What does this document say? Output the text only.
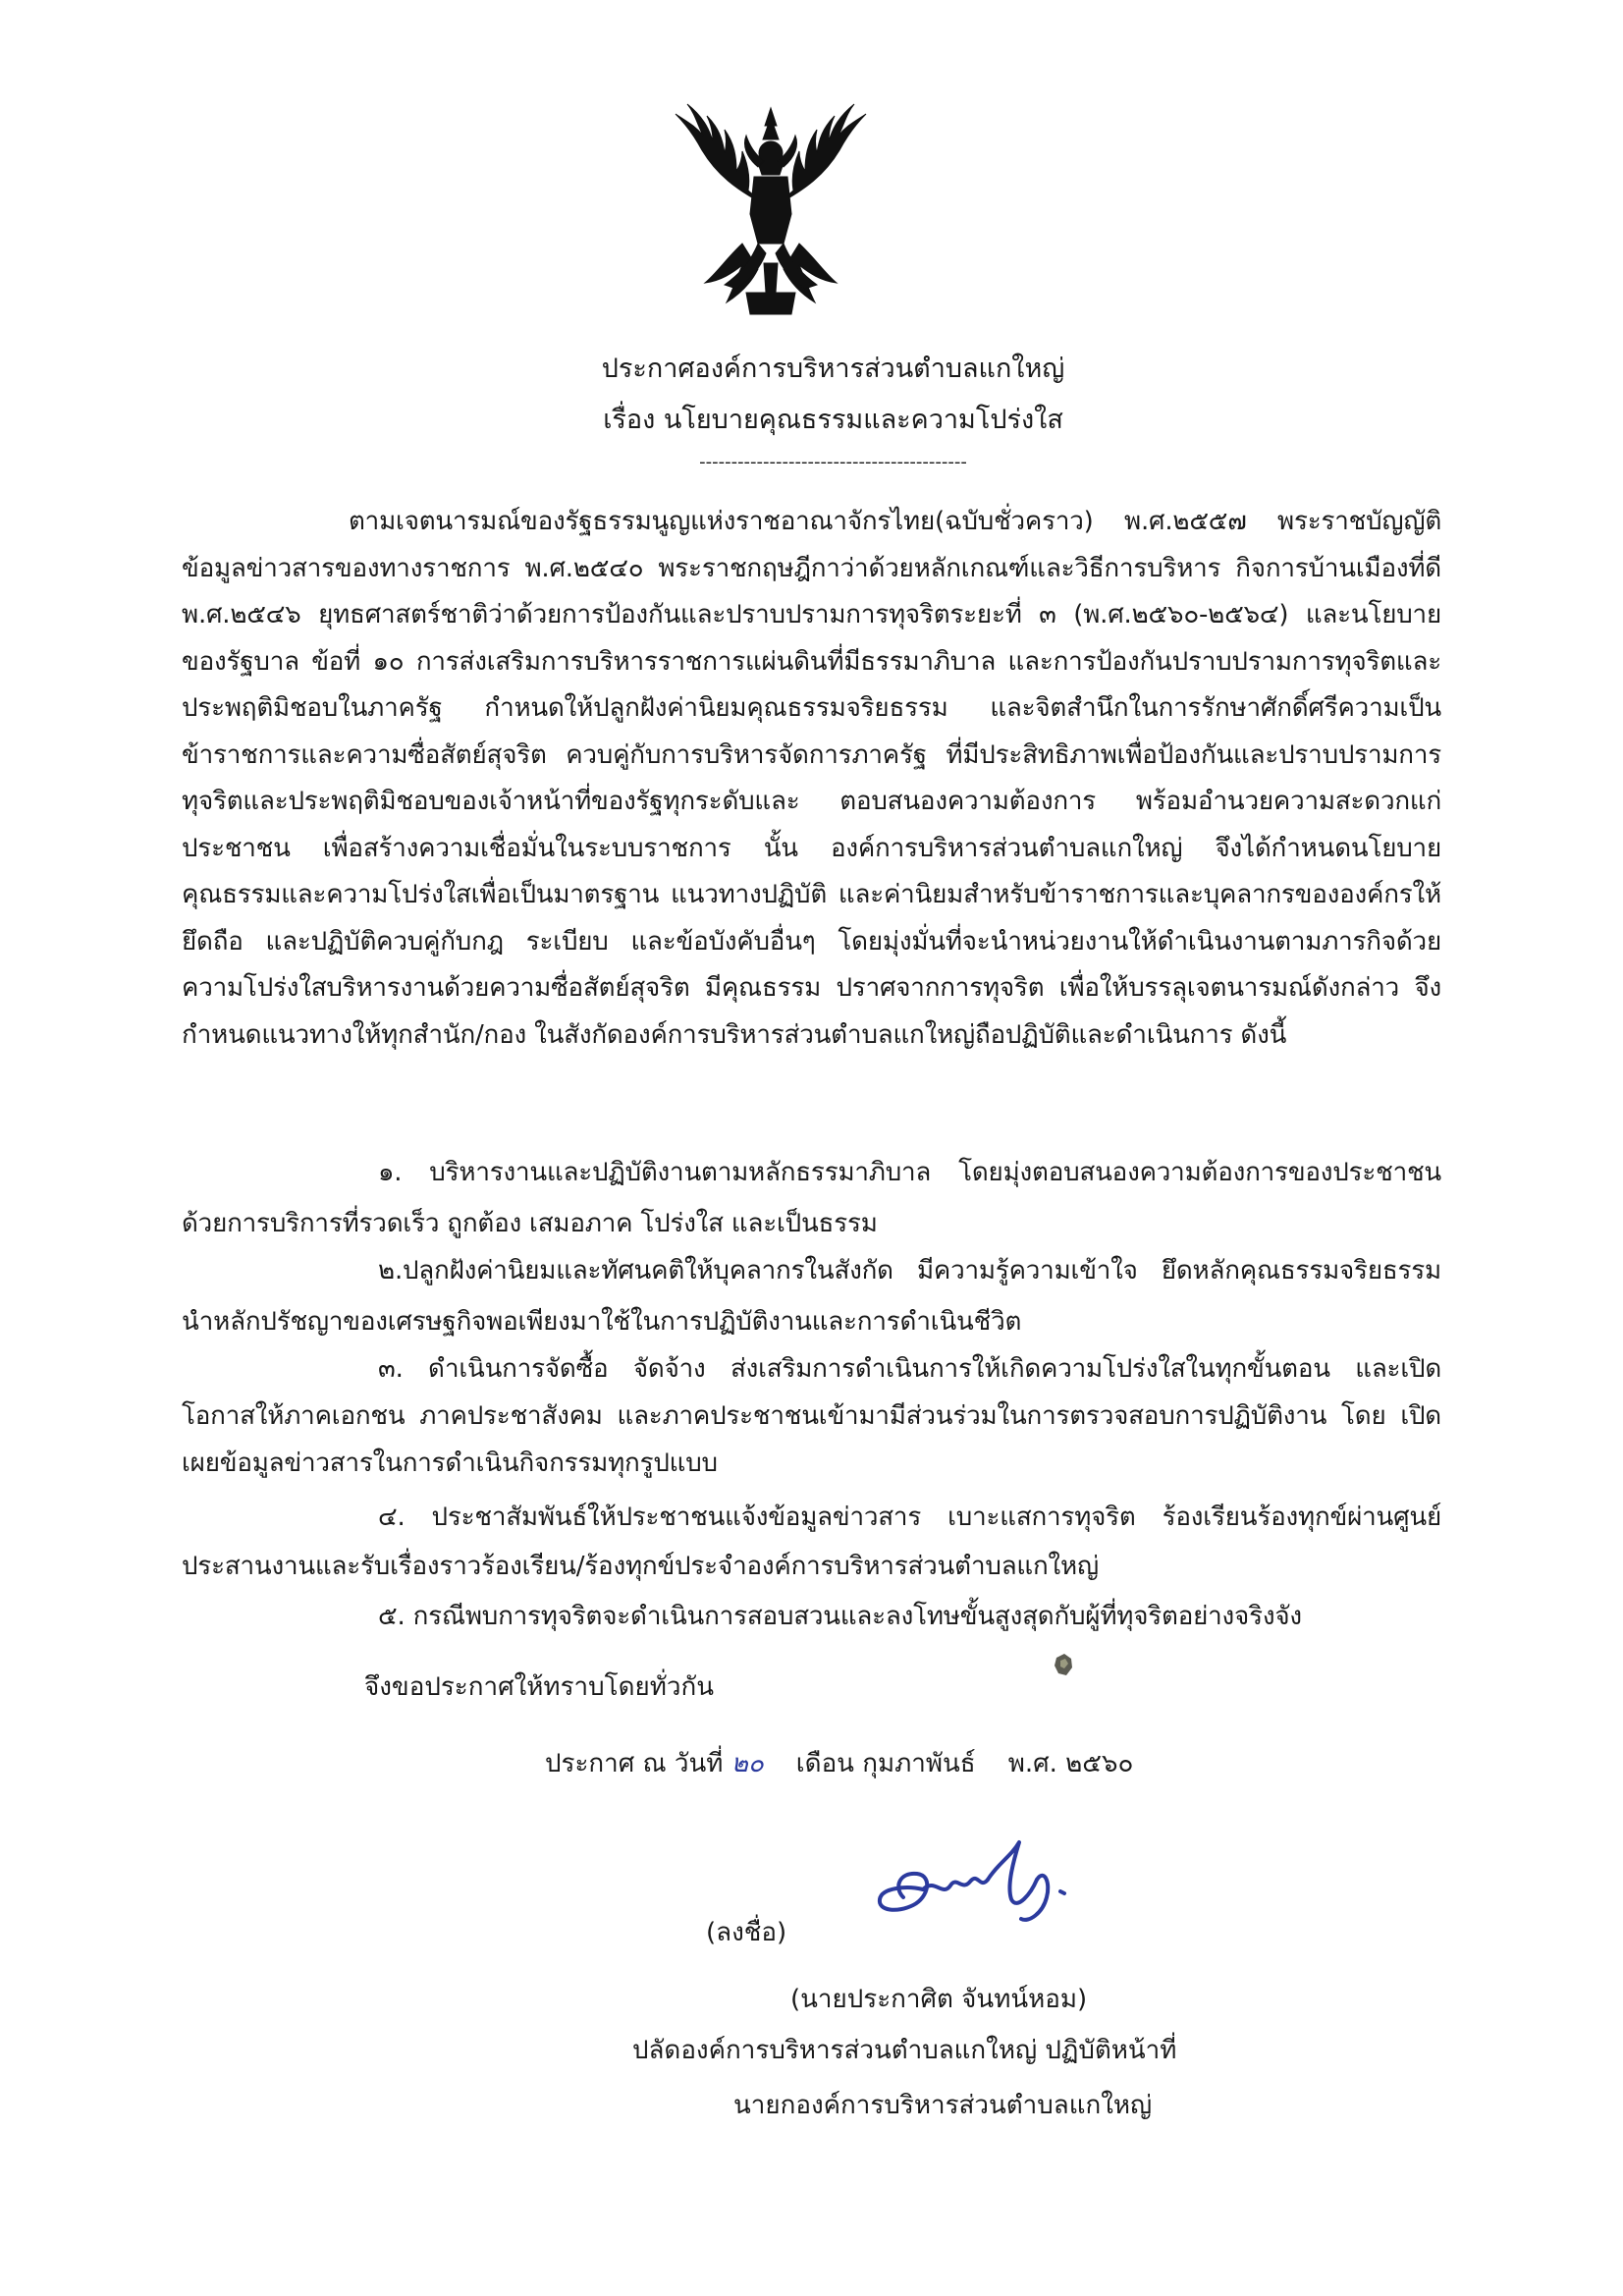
ประกาศองค์การบริหารส่วนตำบลแกใหญ่
เรื่อง นโยบายคุณธรรมและความโปร่งใส
------------------------------------------

ตามเจตนารมณ์ของรัฐธรรมนูญแห่งราชอาณาจักรไทย(ฉบับชั่วคราว) พ.ศ.๒๕๕๗ พระราชบัญญัติข้อมูลข่าวสารของทางราชการ พ.ศ.๒๕๔๐ พระราชกฤษฎีกาว่าด้วยหลักเกณฑ์และวิธีการบริหาร กิจการบ้านเมืองที่ดี พ.ศ.๒๕๔๖ ยุทธศาสตร์ชาติว่าด้วยการป้องกันและปราบปรามการทุจริตระยะที่ ๓ (พ.ศ.๒๕๖๐-๒๕๖๔) และนโยบายของรัฐบาล ข้อที่ ๑๐ การส่งเสริมการบริหารราชการแผ่นดินที่มีธรรมาภิบาล และการป้องกันปราบปรามการทุจริตและประพฤติมิชอบในภาครัฐ กำหนดให้ปลูกฝังค่านิยมคุณธรรมจริยธรรม และจิตสำนึกในการรักษาศักดิ์ศรีความเป็นข้าราชการและความซื่อสัตย์สุจริต ควบคู่กับการบริหารจัดการภาครัฐ ที่มีประสิทธิภาพเพื่อป้องกันและปราบปรามการทุจริตและประพฤติมิชอบของเจ้าหน้าที่ของรัฐทุกระดับและ ตอบสนองความต้องการ พร้อมอำนวยความสะดวกแก่ประชาชน เพื่อสร้างความเชื่อมั่นในระบบราชการ นั้น องค์การบริหารส่วนตำบลแกใหญ่ จึงได้กำหนดนโยบายคุณธรรมและความโปร่งใสเพื่อเป็นมาตรฐาน แนวทางปฏิบัติ และค่านิยมสำหรับข้าราชการและบุคลากรขององค์กรให้ยึดถือ และปฏิบัติควบคู่กับกฎ ระเบียบ และข้อบังคับอื่นๆ โดยมุ่งมั่นที่จะนำหน่วยงานให้ดำเนินงานตามภารกิจด้วยความโปร่งใสบริหารงานด้วยความซื่อสัตย์สุจริต มีคุณธรรม ปราศจากการทุจริต เพื่อให้บรรลุเจตนารมณ์ดังกล่าว จึงกำหนดแนวทางให้ทุกสำนัก/กอง ในสังกัดองค์การบริหารส่วนตำบลแกใหญ่ถือปฏิบัติและดำเนินการ ดังนี้

๑. บริหารงานและปฏิบัติงานตามหลักธรรมาภิบาล โดยมุ่งตอบสนองความต้องการของประชาชนด้วยการบริการที่รวดเร็ว ถูกต้อง เสมอภาค โปร่งใส และเป็นธรรม

๒.ปลูกฝังค่านิยมและทัศนคติให้บุคลากรในสังกัด มีความรู้ความเข้าใจ ยึดหลักคุณธรรมจริยธรรม นำหลักปรัชญาของเศรษฐกิจพอเพียงมาใช้ในการปฏิบัติงานและการดำเนินชีวิต

๓. ดำเนินการจัดซื้อ จัดจ้าง ส่งเสริมการดำเนินการให้เกิดความโปร่งใสในทุกขั้นตอน และเปิด โอกาสให้ภาคเอกชน ภาคประชาสังคม และภาคประชาชนเข้ามามีส่วนร่วมในการตรวจสอบการปฏิบัติงาน โดย เปิดเผยข้อมูลข่าวสารในการดำเนินกิจกรรมทุกรูปแบบ

๔. ประชาสัมพันธ์ให้ประชาชนแจ้งข้อมูลข่าวสาร เบาะแสการทุจริต ร้องเรียนร้องทุกข์ผ่านศูนย์ประสานงานและรับเรื่องราวร้องเรียน/ร้องทุกข์ประจำองค์การบริหารส่วนตำบลแกใหญ่

๕. กรณีพบการทุจริตจะดำเนินการสอบสวนและลงโทษขั้นสูงสุดกับผู้ที่ทุจริตอย่างจริงจัง

จึงขอประกาศให้ทราบโดยทั่วกัน
ประกาศ ณ วันที่ ๒๐ เดือน กุมภาพันธ์ พ.ศ. ๒๕๖๐
(ลงชื่อ)
(นายประกาศิต จันทน์หอม)
ปลัดองค์การบริหารส่วนตำบลแกใหญ่ ปฏิบัติหน้าที่
นายกองค์การบริหารส่วนตำบลแกใหญ่
